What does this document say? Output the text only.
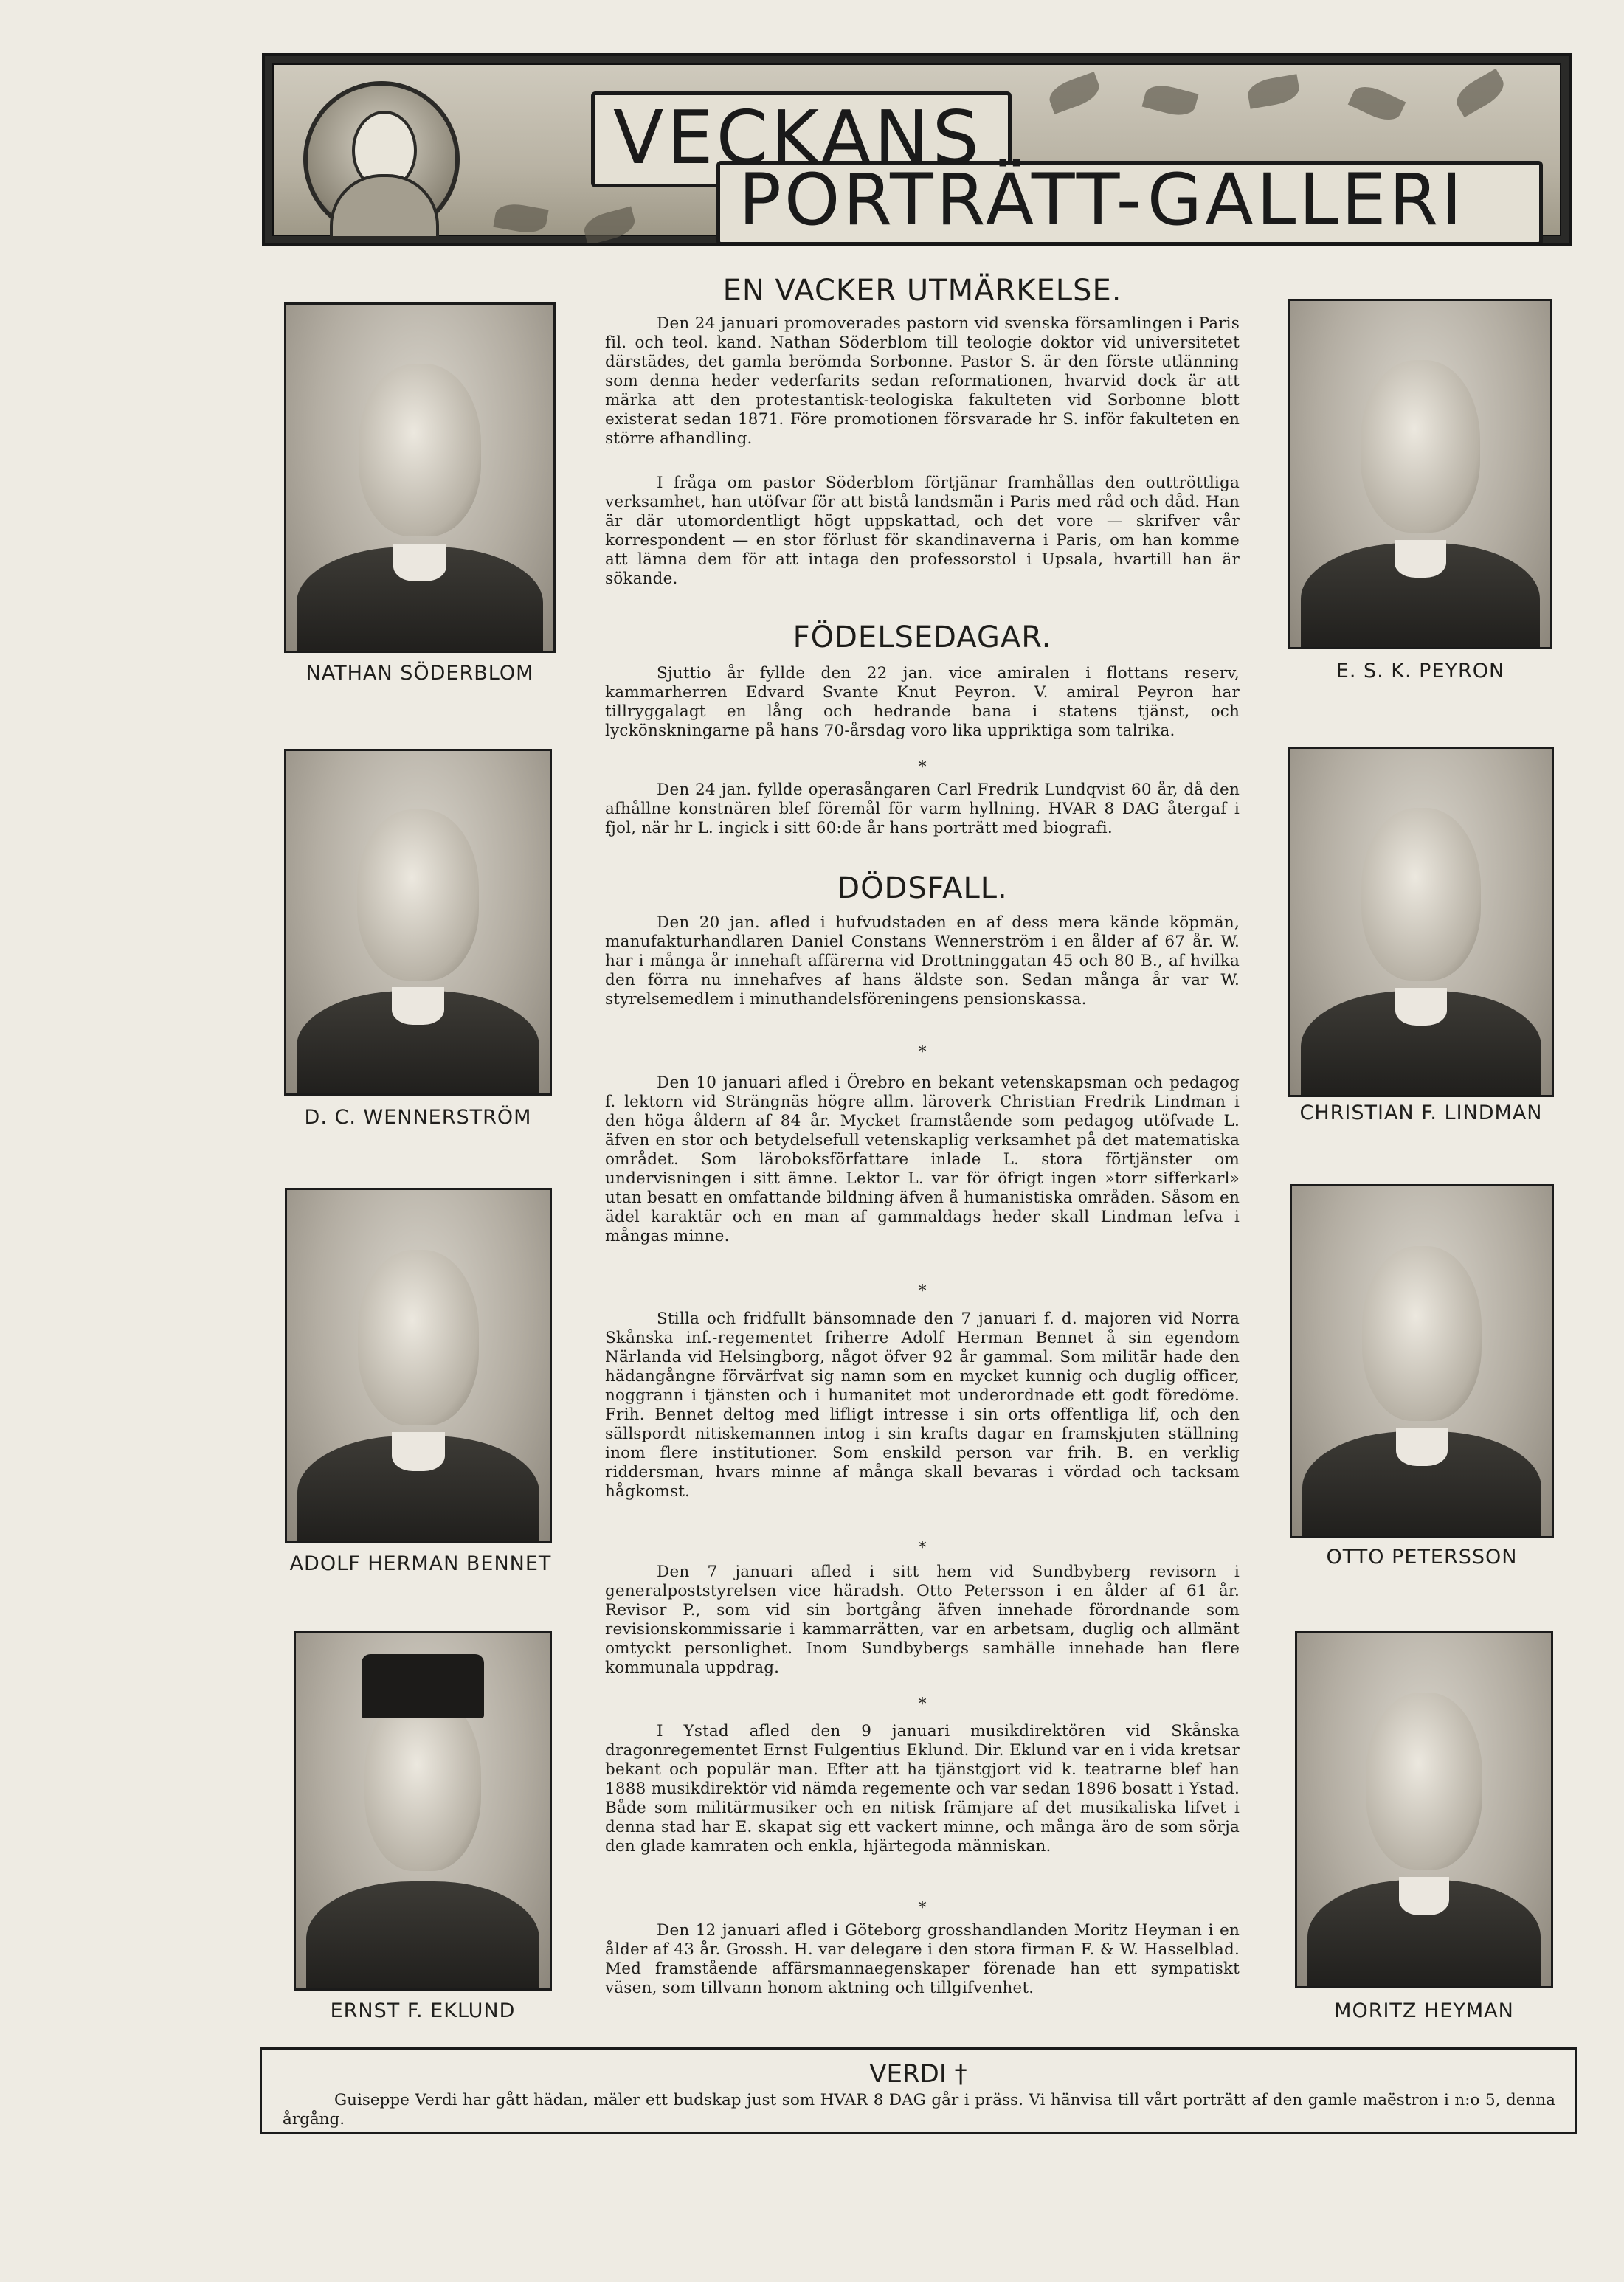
VECKANS
PORTRÄTT-GALLERI
NATHAN SÖDERBLOM
D. C. WENNERSTRÖM
ADOLF HERMAN BENNET
ERNST F. EKLUND
E. S. K. PEYRON
CHRISTIAN F. LINDMAN
OTTO PETERSSON
MORITZ HEYMAN
EN VACKER UTMÄRKELSE.
Den 24 januari promoverades pastorn vid svenska församlingen i Paris fil. och teol. kand. Nathan Söderblom till teologie doktor vid universitetet därstädes, det gamla berömda Sorbonne. Pastor S. är den förste utlänning som denna heder vederfarits sedan reformationen, hvarvid dock är att märka att den protestantisk-teologiska fakulteten vid Sorbonne blott existerat sedan 1871. Före promotionen försvarade hr S. inför fakulteten en större afhandling.
I fråga om pastor Söderblom förtjänar framhållas den outtröttliga verksamhet, han utöfvar för att bistå landsmän i Paris med råd och dåd. Han är där utomordentligt högt uppskattad, och det vore — skrifver vår korrespondent — en stor förlust för skandinaverna i Paris, om han komme att lämna dem för att intaga den professorstol i Upsala, hvartill han är sökande.
FÖDELSEDAGAR.
Sjuttio år fyllde den 22 jan. vice amiralen i flottans reserv, kammarherren Edvard Svante Knut Peyron. V. amiral Peyron har tillryggalagt en lång och hedrande bana i statens tjänst, och lyckönskningarne på hans 70-årsdag voro lika uppriktiga som talrika.
*
Den 24 jan. fyllde operasångaren Carl Fredrik Lundqvist 60 år, då den afhållne konstnären blef föremål för varm hyllning. HVAR 8 DAG återgaf i fjol, när hr L. ingick i sitt 60:de år hans porträtt med biografi.
DÖDSFALL.
Den 20 jan. afled i hufvudstaden en af dess mera kände köpmän, manufakturhandlaren Daniel Constans Wennerström i en ålder af 67 år. W. har i många år innehaft affärerna vid Drottninggatan 45 och 80 B., af hvilka den förra nu innehafves af hans äldste son. Sedan många år var W. styrelsemedlem i minuthandelsföreningens pensionskassa.
*
Den 10 januari afled i Örebro en bekant vetenskapsman och pedagog f. lektorn vid Strängnäs högre allm. läroverk Christian Fredrik Lindman i den höga åldern af 84 år. Mycket framstående som pedagog utöfvade L. äfven en stor och betydelsefull vetenskaplig verksamhet på det matematiska området. Som läroboksförfattare inlade L. stora förtjänster om undervisningen i sitt ämne. Lektor L. var för öfrigt ingen »torr sifferkarl» utan besatt en omfattande bildning äfven å humanistiska områden. Såsom en ädel karaktär och en man af gammaldags heder skall Lindman lefva i mångas minne.
*
Stilla och fridfullt bänsomnade den 7 januari f. d. majoren vid Norra Skånska inf.-regementet friherre Adolf Herman Bennet å sin egendom Närlanda vid Helsingborg, något öfver 92 år gammal. Som militär hade den hädangångne förvärfvat sig namn som en mycket kunnig och duglig officer, noggrann i tjänsten och i humanitet mot underordnade ett godt föredöme. Frih. Bennet deltog med lifligt intresse i sin orts offentliga lif, och den sällspordt nitiskemannen intog i sin krafts dagar en framskjuten ställning inom flere institutioner. Som enskild person var frih. B. en verklig riddersman, hvars minne af många skall bevaras i vördad och tacksam hågkomst.
*
Den 7 januari afled i sitt hem vid Sundbyberg revisorn i generalpoststyrelsen vice häradsh. Otto Petersson i en ålder af 61 år. Revisor P., som vid sin bortgång äfven innehade förordnande som revisionskommissarie i kammarrätten, var en arbetsam, duglig och allmänt omtyckt personlighet. Inom Sundbybergs samhälle innehade han flere kommunala uppdrag.
*
I Ystad afled den 9 januari musikdirektören vid Skånska dragonregementet Ernst Fulgentius Eklund. Dir. Eklund var en i vida kretsar bekant och populär man. Efter att ha tjänstgjort vid k. teatrarne blef han 1888 musikdirektör vid nämda regemente och var sedan 1896 bosatt i Ystad. Både som militärmusiker och en nitisk främjare af det musikaliska lifvet i denna stad har E. skapat sig ett vackert minne, och många äro de som sörja den glade kamraten och enkla, hjärtegoda människan.
*
Den 12 januari afled i Göteborg grosshandlanden Moritz Heyman i en ålder af 43 år. Grossh. H. var delegare i den stora firman F. & W. Hasselblad. Med framstående affärsmannaegenskaper förenade han ett sympatiskt väsen, som tillvann honom aktning och tillgifvenhet.
VERDI †
Guiseppe Verdi har gått hädan, mäler ett budskap just som HVAR 8 DAG går i präss. Vi hänvisa till vårt porträtt af den gamle maëstron i n:o 5, denna årgång.
